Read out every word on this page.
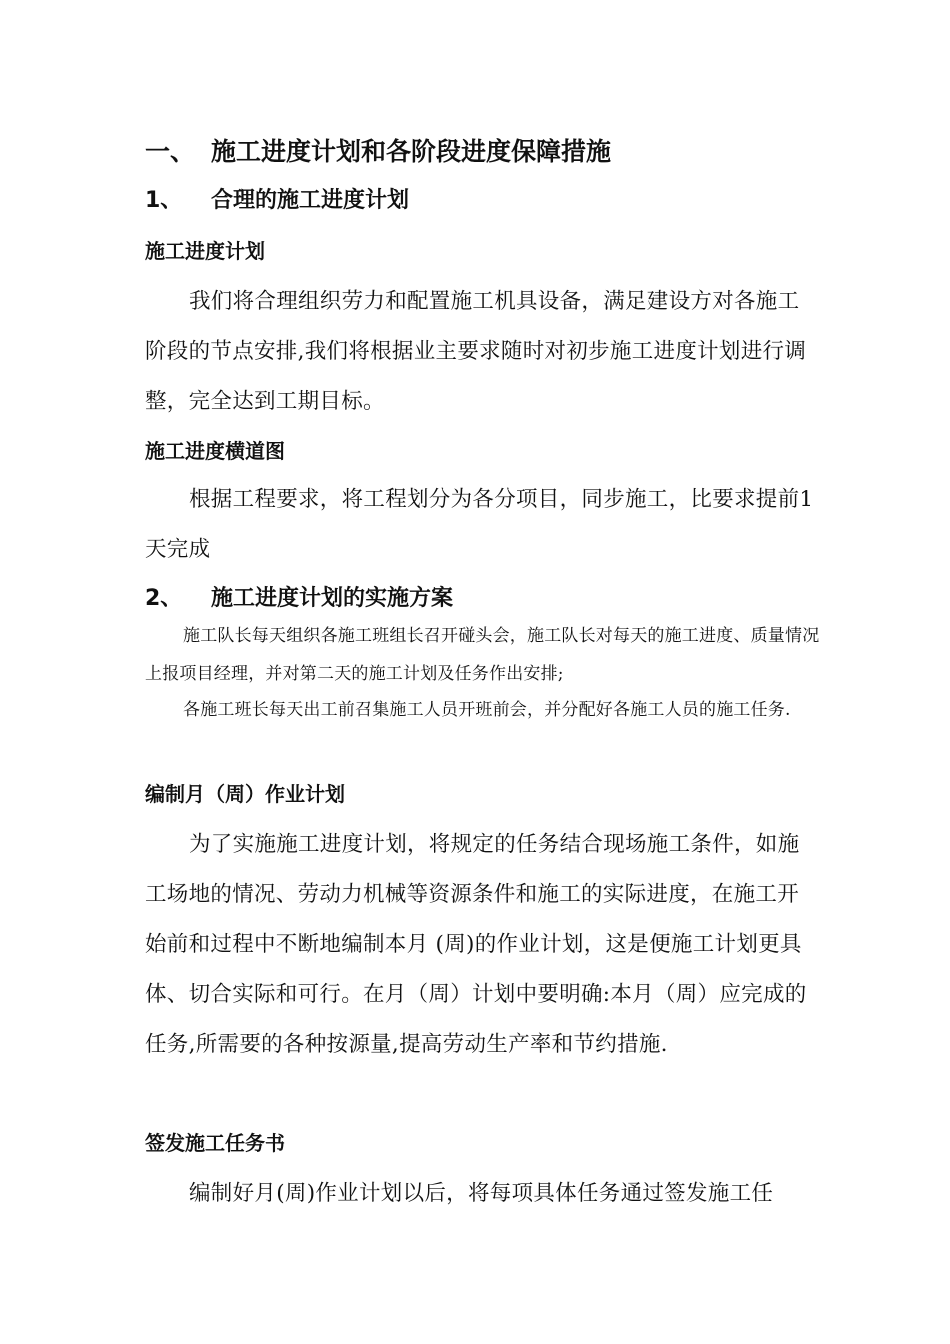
一、 施工进度计划和各阶段进度保障措施
1、 合理的施工进度计划
施工进度计划

我们将合理组织劳力和配置施工机具设备，满足建设方对各施工阶段的节点安排,我们将根据业主要求随时对初步施工进度计划进行调整，完全达到工期目标。

施工进度横道图

根据工程要求，将工程划分为各分项目，同步施工，比要求提前1天完成

2、 施工进度计划的实施方案

施工队长每天组织各施工班组长召开碰头会，施工队长对每天的施工进度、质量情况上报项目经理，并对第二天的施工计划及任务作出安排;

各施工班长每天出工前召集施工人员开班前会，并分配好各施工人员的施工任务.

编制月（周）作业计划

为了实施施工进度计划，将规定的任务结合现场施工条件，如施工场地的情况、劳动力机械等资源条件和施工的实际进度，在施工开始前和过程中不断地编制本月 (周)的作业计划，这是便施工计划更具体、切合实际和可行。在月（周）计划中要明确:本月（周）应完成的任务,所需要的各种按源量,提高劳动生产率和节约措施.

签发施工任务书

编制好月(周)作业计划以后，将每项具体任务通过签发施工任
